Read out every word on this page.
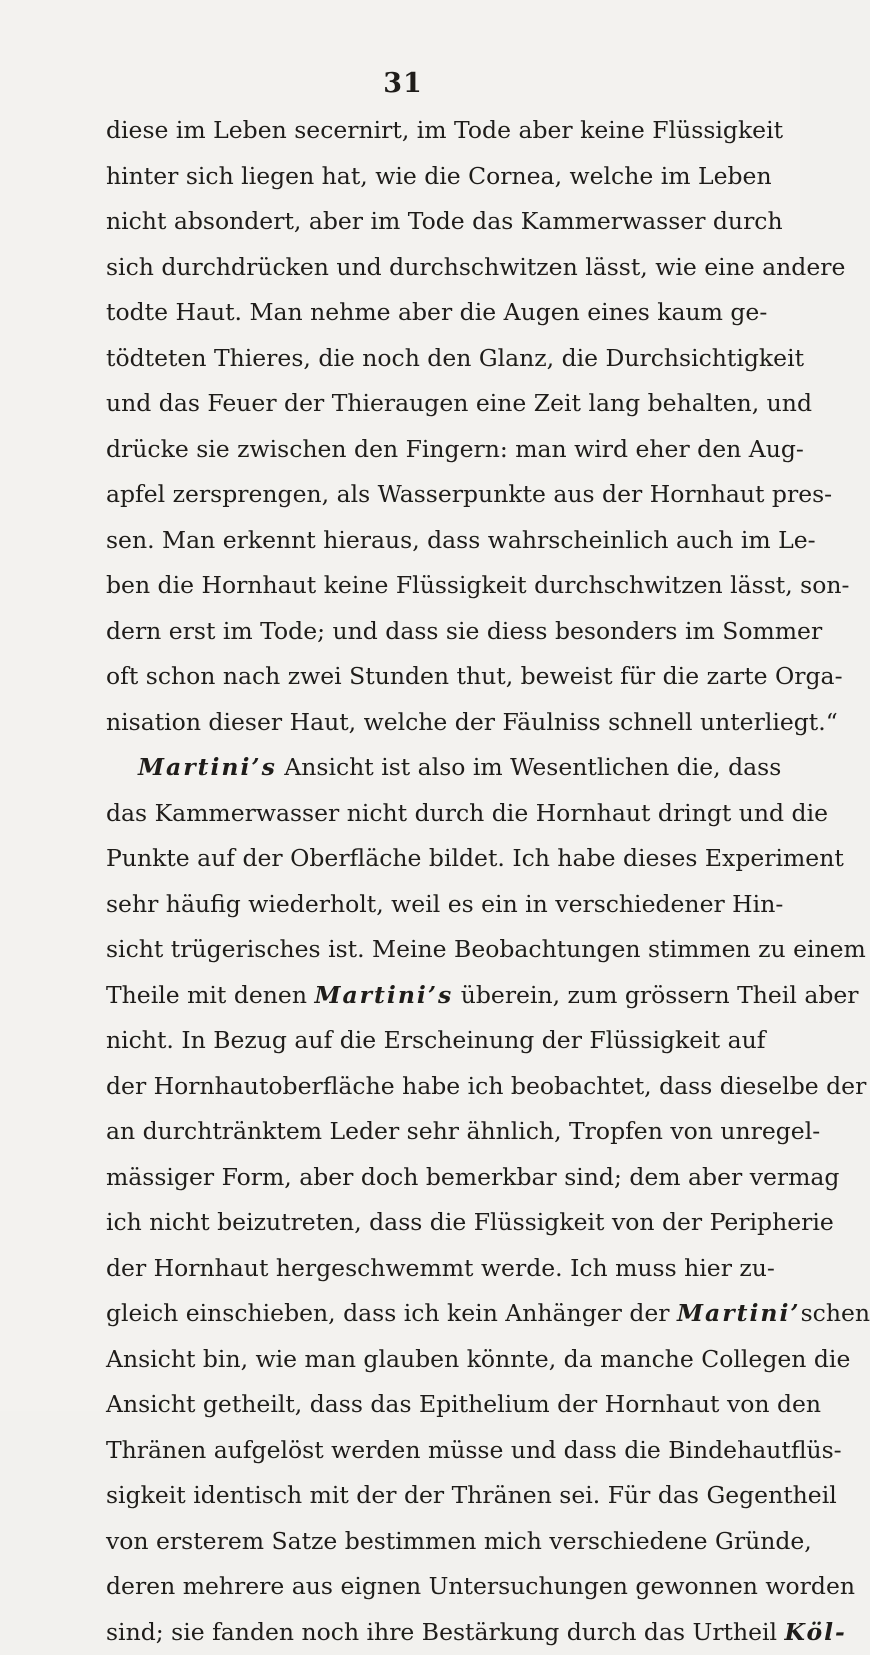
31
diese im Leben secernirt, im Tode aber keine Flüssigkeit
hinter sich liegen hat, wie die Cornea, welche im Leben
nicht absondert, aber im Tode das Kammerwasser durch
sich durchdrücken und durchschwitzen lässt, wie eine andere
todte Haut. Man nehme aber die Augen eines kaum ge-
tödteten Thieres, die noch den Glanz, die Durchsichtigkeit
und das Feuer der Thieraugen eine Zeit lang behalten, und
drücke sie zwischen den Fingern: man wird eher den Aug-
apfel zersprengen, als Wasserpunkte aus der Hornhaut pres-
sen. Man erkennt hieraus, dass wahrscheinlich auch im Le-
ben die Hornhaut keine Flüssigkeit durchschwitzen lässt, son-
dern erst im Tode; und dass sie diess besonders im Sommer
oft schon nach zwei Stunden thut, beweist für die zarte Orga-
nisation dieser Haut, welche der Fäulniss schnell unterliegt.“
Martini’s Ansicht ist also im Wesentlichen die, dass
das Kammerwasser nicht durch die Hornhaut dringt und die
Punkte auf der Oberfläche bildet. Ich habe dieses Experiment
sehr häufig wiederholt, weil es ein in verschiedener Hin-
sicht trügerisches ist. Meine Beobachtungen stimmen zu einem
Theile mit denen Martini’s überein, zum grössern Theil aber
nicht. In Bezug auf die Erscheinung der Flüssigkeit auf
der Hornhautoberfläche habe ich beobachtet, dass dieselbe der
an durchtränktem Leder sehr ähnlich, Tropfen von unregel-
mässiger Form, aber doch bemerkbar sind; dem aber vermag
ich nicht beizutreten, dass die Flüssigkeit von der Peripherie
der Hornhaut hergeschwemmt werde. Ich muss hier zu-
gleich einschieben, dass ich kein Anhänger der Martini’schen
Ansicht bin, wie man glauben könnte, da manche Collegen die
Ansicht getheilt, dass das Epithelium der Hornhaut von den
Thränen aufgelöst werden müsse und dass die Bindehautflüs-
sigkeit identisch mit der der Thränen sei. Für das Gegentheil
von ersterem Satze bestimmen mich verschiedene Gründe,
deren mehrere aus eignen Untersuchungen gewonnen worden
sind; sie fanden noch ihre Bestärkung durch das Urtheil Köl-
